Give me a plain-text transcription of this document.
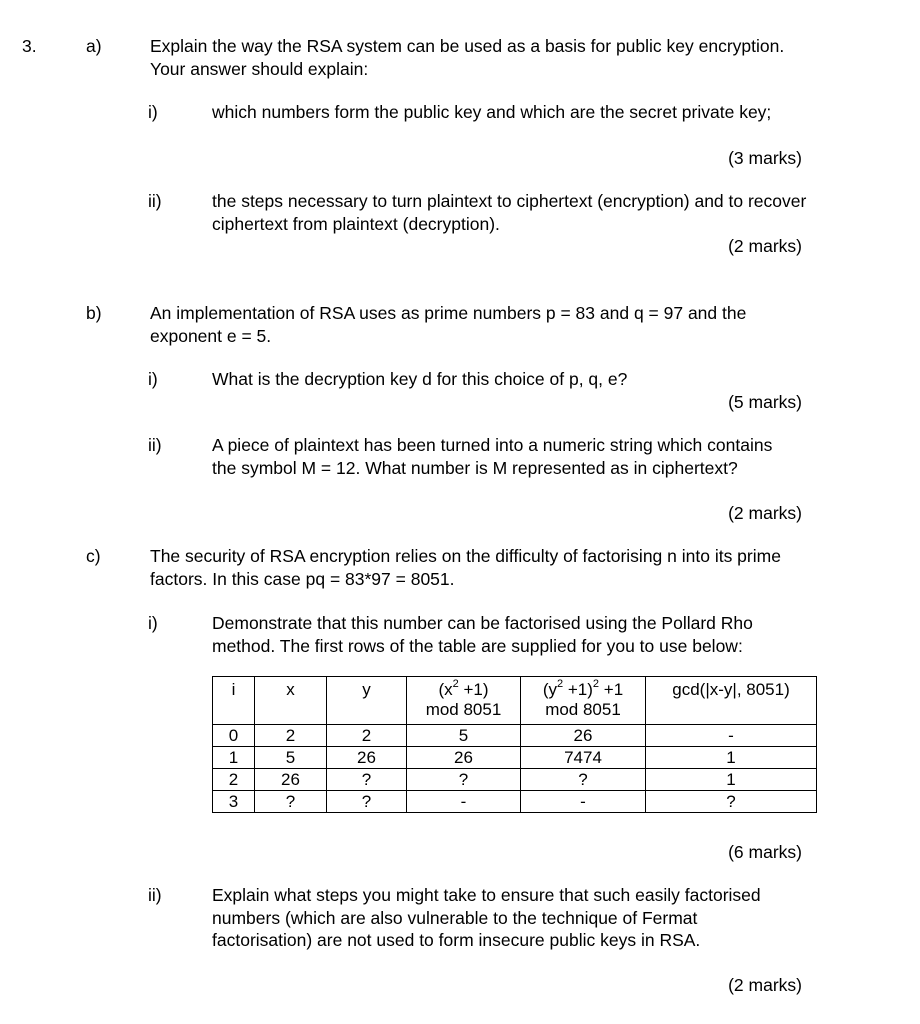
3.	a)	Explain the way the RSA system can be used as a basis for public key encryption. Your answer should explain:

i)	which numbers form the public key and which are the secret private key;

(3 marks)

ii)	the steps necessary to turn plaintext to ciphertext (encryption) and to recover ciphertext from plaintext (decryption).

(2 marks)

b)	An implementation of RSA uses as prime numbers p = 83 and q = 97 and the exponent e = 5.

i)	What is the decryption key d for this choice of p, q, e?

(5 marks)

ii)	A piece of plaintext has been turned into a numeric string which contains the symbol M = 12. What number is M represented as in ciphertext?

(2 marks)

c)	The security of RSA encryption relies on the difficulty of factorising n into its prime factors. In this case pq = 83*97 = 8051.

i)	Demonstrate that this number can be factorised using the Pollard Rho method. The first rows of the table are supplied for you to use below:

i	x	y	$(x^2 +1)$
mod 8051	$(y^2 +1)^2 +1$
mod 8051	gcd(|x-y|, 8051)
0	2	2	5	26	-
1	5	26	26	7474	1
2	26	?	?	?	1
3	?	?	-	-	?

(6 marks)

ii)	Explain what steps you might take to ensure that such easily factorised numbers (which are also vulnerable to the technique of Fermat factorisation) are not used to form insecure public keys in RSA.

(2 marks)
